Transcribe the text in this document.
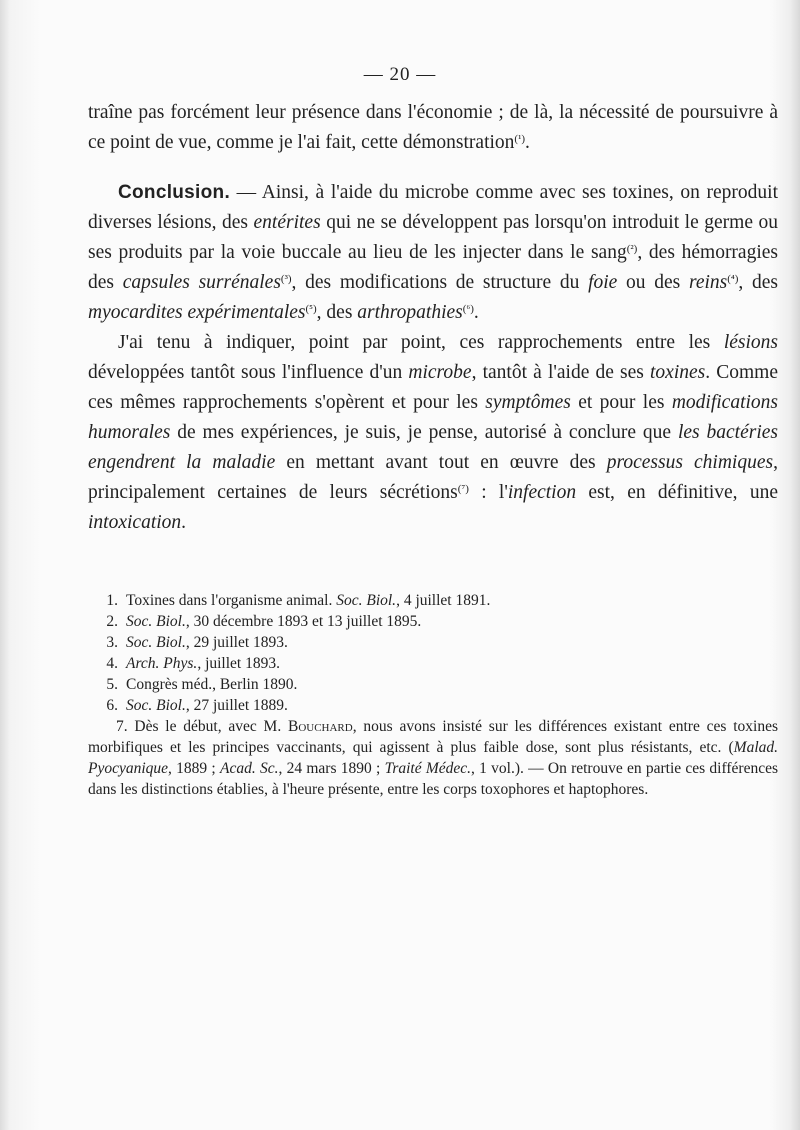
— 20 —

traîne pas forcément leur présence dans l'économie ; de là, la nécessité de poursuivre à ce point de vue, comme je l'ai fait, cette démonstration$^{(^1)}$.

Conclusion. — Ainsi, à l'aide du microbe comme avec ses toxines, on reproduit diverses lésions, des entérites qui ne se développent pas lorsqu'on introduit le germe ou ses produits par la voie buccale au lieu de les injecter dans le sang$^{(^2)}$, des hémorragies des capsules surrénales$^{(^3)}$, des modifications de structure du foie ou des reins$^{(^4)}$, des myocardites expérimentales$^{(^5)}$, des arthropathies$^{(^6)}$.

J'ai tenu à indiquer, point par point, ces rapprochements entre les lésions développées tantôt sous l'influence d'un microbe, tantôt à l'aide de ses toxines. Comme ces mêmes rapprochements s'opèrent et pour les symptômes et pour les modifications humorales de mes expériences, je suis, je pense, autorisé à conclure que les bactéries engendrent la maladie en mettant avant tout en œuvre des processus chimiques, principalement certaines de leurs sécrétions$^{(^7)}$ : l'infection est, en définitive, une intoxication.

1. Toxines dans l'organisme animal. Soc. Biol., 4 juillet 1891.
2. Soc. Biol., 30 décembre 1893 et 13 juillet 1895.
3. Soc. Biol., 29 juillet 1893.
4. Arch. Phys., juillet 1893.
5. Congrès méd., Berlin 1890.
6. Soc. Biol., 27 juillet 1889.
7. Dès le début, avec M. Bouchard, nous avons insisté sur les différences existant entre ces toxines morbifiques et les principes vaccinants, qui agissent à plus faible dose, sont plus résistants, etc. (Malad. Pyocyanique, 1889 ; Acad. Sc., 24 mars 1890 ; Traité Médec., 1 vol.). — On retrouve en partie ces différences dans les distinctions établies, à l'heure présente, entre les corps toxophores et haptophores.
